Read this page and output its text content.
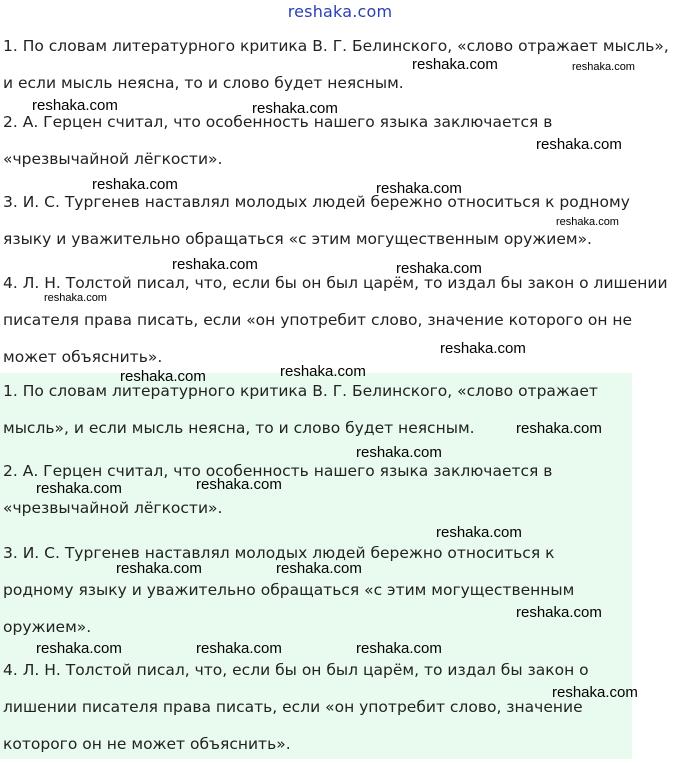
reshaka.com
1. По словам литературного критика В. Г. Белинского, «слово отражает мысль»,
и если мысль неясна, то и слово будет неясным.
2. А. Герцен считал, что особенность нашего языка заключается в
«чрезвычайной лёгкости».
3. И. С. Тургенев наставлял молодых людей бережно относиться к родному
языку и уважительно обращаться «с этим могущественным оружием».
4. Л. Н. Толстой писал, что, если бы он был царём, то издал бы закон о лишении
писателя права писать, если «он употребит слово, значение которого он не
может объяснить».
1. По словам литературного критика В. Г. Белинского, «слово отражает
мысль», и если мысль неясна, то и слово будет неясным.
2. А. Герцен считал, что особенность нашего языка заключается в
«чрезвычайной лёгкости».
3. И. С. Тургенев наставлял молодых людей бережно относиться к
родному языку и уважительно обращаться «с этим могущественным
оружием».
4. Л. Н. Толстой писал, что, если бы он был царём, то издал бы закон о
лишении писателя права писать, если «он употребит слово, значение
которого он не может объяснить».
reshaka.com	reshaka.com
reshaka.com	reshaka.com
reshaka.com
reshaka.com	reshaka.com
reshaka.com
reshaka.com	reshaka.com
reshaka.com
reshaka.com
reshaka.com
reshaka.com
reshaka.com
reshaka.com
reshaka.com
reshaka.com
reshaka.com
reshaka.com	reshaka.com
reshaka.com
reshaka.com	reshaka.com	reshaka.com
reshaka.com
